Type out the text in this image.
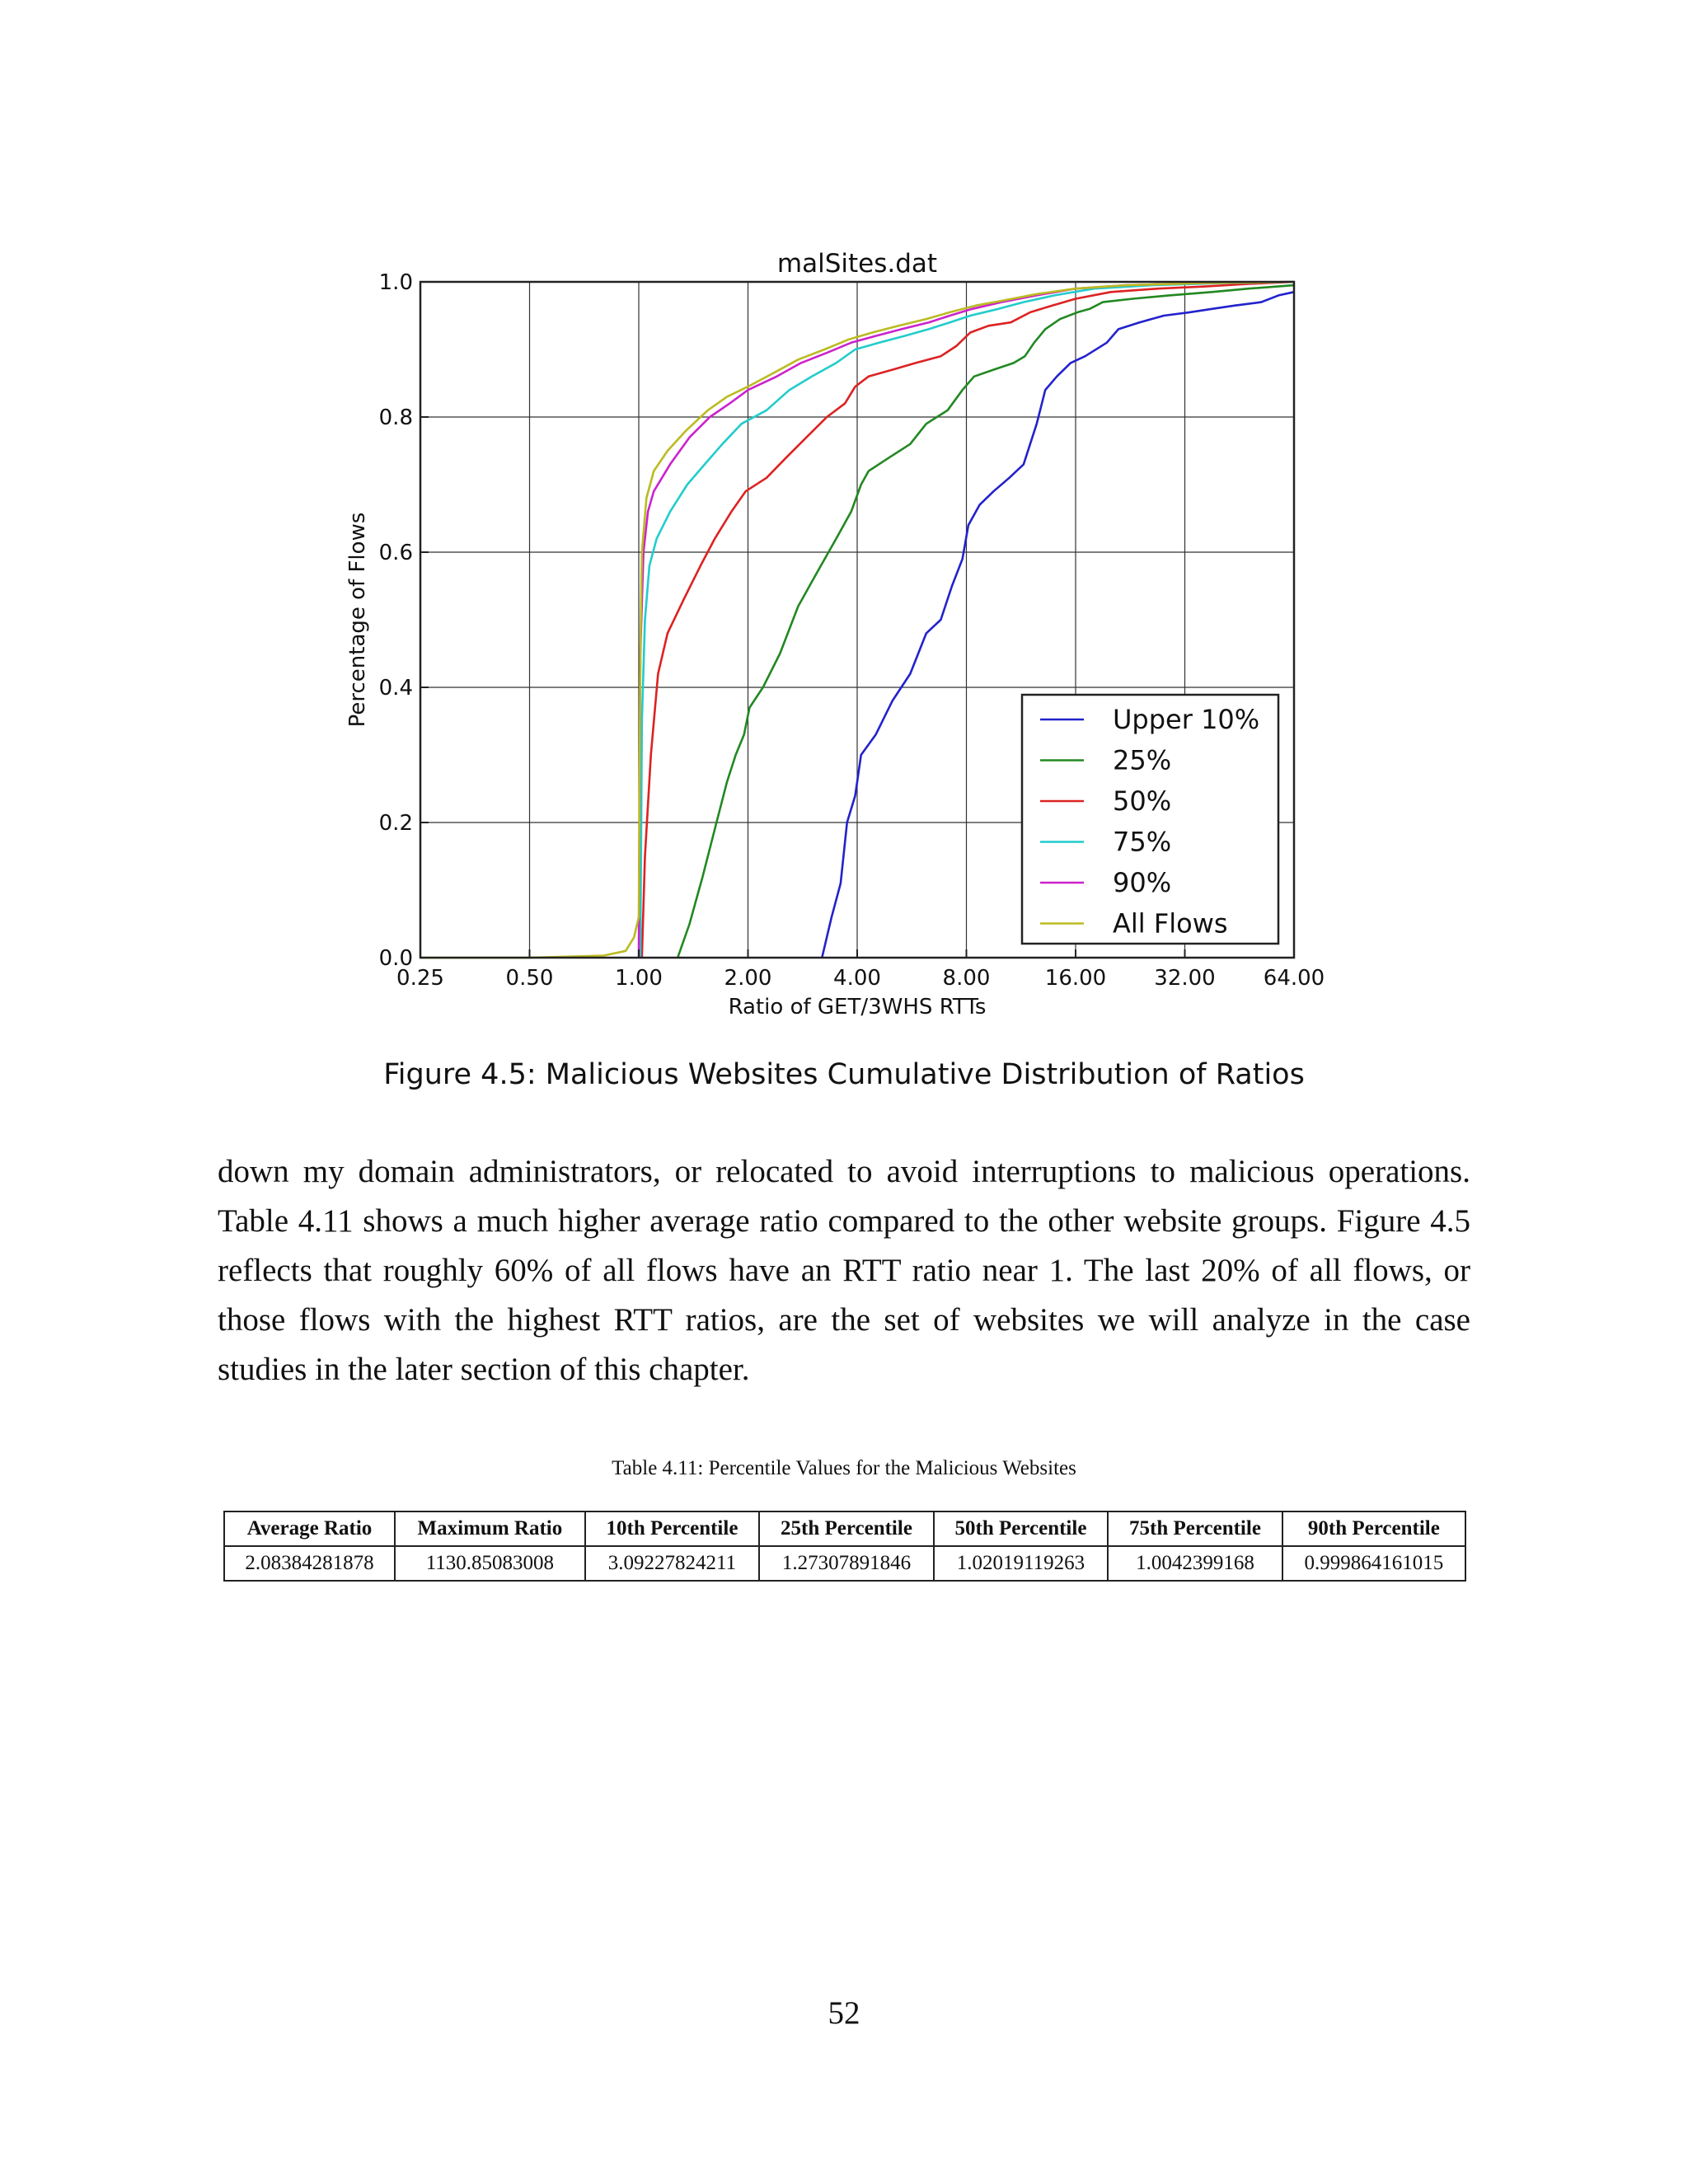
0.25	0.50	1.00	2.00	4.00	8.00	16.00 32.00 64.00
0.0
0.2
0.4
0.6
0.8
1.0
malSites.dat
Ratio of GET/3WHS RTTs
Percentage of Flows	Upper 10%
25%
50%
75%
90%
All Flows
Figure 4.5: Malicious Websites Cumulative Distribution of Ratios

down my domain administrators, or relocated to avoid interruptions to malicious operations. Table 4.11 shows a much higher average ratio compared to the other website groups. Figure 4.5 reflects that roughly 60% of all flows have an RTT ratio near 1. The last 20% of all flows, or those flows with the highest RTT ratios, are the set of websites we will analyze in the case studies in the later section of this chapter.

Table 4.11: Percentile Values for the Malicious Websites
Average Ratio	Maximum Ratio	10th Percentile	25th Percentile	50th Percentile	75th Percentile	90th Percentile
2.08384281878	1130.85083008	3.09227824211	1.27307891846	1.02019119263	1.0042399168	0.999864161015
52
